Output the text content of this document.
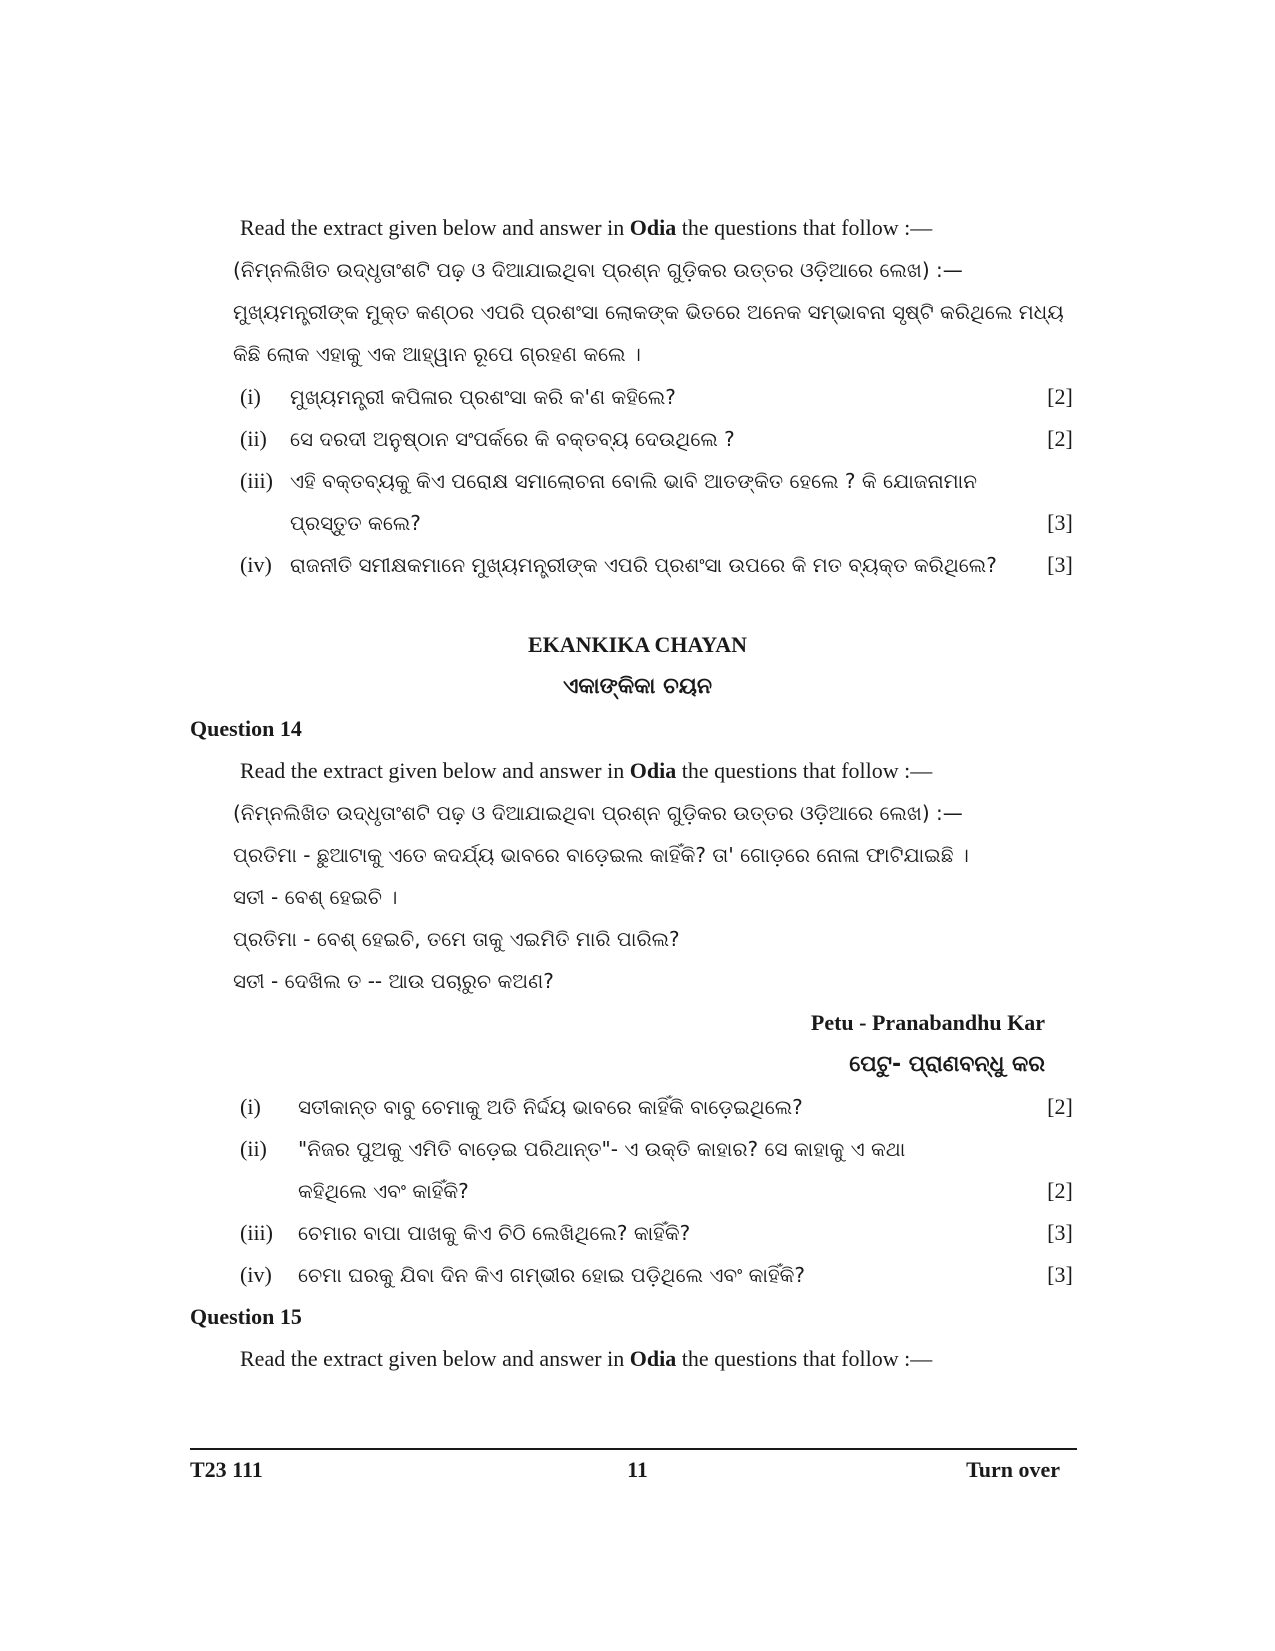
Read the extract given below and answer in Odia the questions that follow :—
(ନିମ୍ନଲିଖିତ ଉଦ୍ଧୃତାଂଶଟି ପଢ଼ ଓ ଦିଆଯାଇଥିବା ପ୍ରଶ୍ନ ଗୁଡ଼ିକର ଉତ୍ତର ଓଡ଼ିଆରେ ଲେଖ) :—
ମୁଖ୍ୟମନ୍ତ୍ରୀଙ୍କ ମୁକ୍ତ କଣ୍ଠର ଏପରି ପ୍ରଶଂସା ଲୋକଙ୍କ ଭିତରେ ଅନେକ ସମ୍ଭାବନା ସୃଷ୍ଟି କରିଥିଲେ ମଧ୍ୟ
କିଛି ଲୋକ ଏହାକୁ ଏକ ଆହ୍ୱାନ ରୂପେ ଗ୍ରହଣ କଲେ ।
(i) ମୁଖ୍ୟମନ୍ତ୍ରୀ କପିଳାର ପ୍ରଶଂସା କରି କ'ଣ କହିଲେ?	[2]
(ii) ସେ ଦରଦୀ ଅନୁଷ୍ଠାନ ସଂପର୍କରେ କି ବକ୍ତବ୍ୟ ଦେଉଥିଲେ ?	[2]
(iii) ଏହି ବକ୍ତବ୍ୟକୁ କିଏ ପରୋକ୍ଷ ସମାଲୋଚନା ବୋଲି ଭାବି ଆତଙ୍କିତ ହେଲେ ? କି ଯୋଜନାମାନ
ପ୍ରସ୍ତୁତ କଲେ?	[3]
(iv) ରାଜନୀତି ସମୀକ୍ଷକମାନେ ମୁଖ୍ୟମନ୍ତ୍ରୀଙ୍କ ଏପରି ପ୍ରଶଂସା ଉପରେ କି ମତ ବ୍ୟକ୍ତ କରିଥିଲେ?	[3]
EKANKIKA CHAYAN
ଏକାଙ୍କିକା ଚୟନ
Question 14
Read the extract given below and answer in Odia the questions that follow :—
(ନିମ୍ନଲିଖିତ ଉଦ୍ଧୃତାଂଶଟି ପଢ଼ ଓ ଦିଆଯାଇଥିବା ପ୍ରଶ୍ନ ଗୁଡ଼ିକର ଉତ୍ତର ଓଡ଼ିଆରେ ଲେଖ) :—
ପ୍ରତିମା - ଛୁଆଟାକୁ ଏତେ କଦର୍ଯ୍ୟ ଭାବରେ ବାଡ଼େଇଲ କାହିଁକି? ତା' ଗୋଡ଼ରେ ନୋଳା ଫାଟିଯାଇଛି ।
ସତୀ - ବେଶ୍ ହେଇଚି ।
ପ୍ରତିମା - ବେଶ୍ ହେଇଚି, ତମେ ତାକୁ ଏଇମିତି ମାରି ପାରିଲ?
ସତୀ - ଦେଖିଲ ତ -- ଆଉ ପଚାରୁଚ କଅଣ?
Petu - Pranabandhu Kar
ପେଟୁ- ପ୍ରାଣବନ୍ଧୁ କର
(i) ସତୀକାନ୍ତ ବାବୁ ଚେମାକୁ ଅତି ନିର୍ଦ୍ଦୟ ଭାବରେ କାହିଁକି ବାଡ଼େଇଥିଲେ?	[2]
(ii) "ନିଜର ପୁଅକୁ ଏମିତି ବାଡ଼େଇ ପରିଥାନ୍ତ"- ଏ ଉକ୍ତି କାହାର? ସେ କାହାକୁ ଏ କଥା
କହିଥିଲେ ଏବଂ କାହିଁକି?	[2]
(iii) ଚେମାର ବାପା ପାଖକୁ କିଏ ଚିଠି ଲେଖିଥିଲେ? କାହିଁକି?	[3]
(iv) ଚେମା ଘରକୁ ଯିବା ଦିନ କିଏ ଗମ୍ଭୀର ହୋଇ ପଡ଼ିଥିଲେ ଏବଂ କାହିଁକି?	[3]
Question 15
Read the extract given below and answer in Odia the questions that follow :—
T23 111	11	Turn over
